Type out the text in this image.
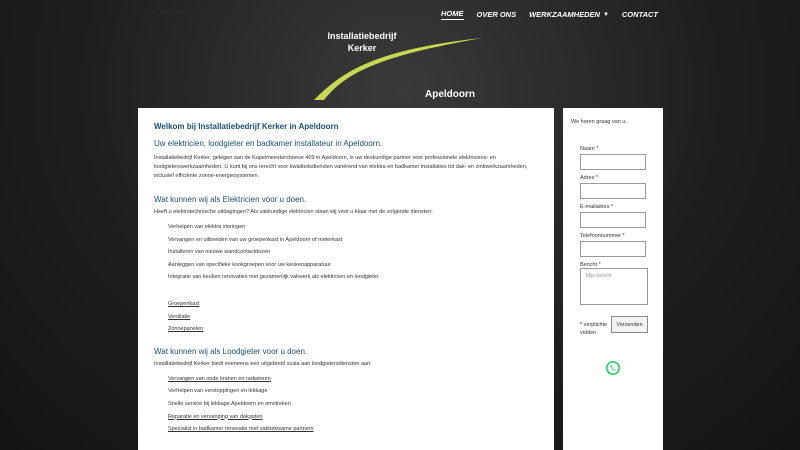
INSTALLATIEBEDRIJF KERKER	HOME OVER ONS WERKZAAMHEDEN ▼ CONTACT
Installatiebedrijf
Kerker
Apeldoorn
Welkom bij Installatiebedrijf Kerker in Apeldoorn
Uw elektricien, loodgieter en badkamer installateur in Apeldoorn.

Installatiebedrijf Kerker, gelegen aan de Kapelmeestershoeve 409 in Apeldoorn, is uw deskundige partner voor professionele elektriciens- en loodgieterswerkzaamheden. U kunt bij ons terecht voor kwaliteitsdiensten variërend van elektra en badkamer installaties tot dak- en zinkwerkzaamheden, inclusief efficiënte zonne-energiesystemen.

Wat kunnen wij als Elektricien voor u doen.

Heeft u elektrotechnische uitdagingen? Als vakkundige elektricien staan wij voor u klaar met de volgende diensten:

Verhelpen van elektra storingen
Vervangen en uitbreiden van uw groepenkast in Apeldoorn of meterkast
Installeren van nieuwe wandcontactdozen
Aanleggen van specifieke kookgroepen voor uw keukenapparatuur
Integratie van keuken renovaties met gezamenlijk vakwerk als elektricien en loodgieter
Groepenkast
Ventilatie
Zonnepanelen
Wat kunnen wij als Loodgieter voor u doen.

Installatiebedrijf Kerker biedt eveneens een uitgebreid scala aan loodgietersdiensten aan:

Vervangen van oude kranen en radiatoren
Verhelpen van verstoppingen en lekkage
Snelle service bij lekkage Apeldoorn en omstreken
Reparatie en vervanging van dakgoten
Specialist in badkamer renovatie met vakbekwame partners
We horen graag van u.
Naam *
Adres *
E-mailadres *
Telefoonnummer *
Bericht *
Mijn bericht
* verplichte velden
Verzenden
